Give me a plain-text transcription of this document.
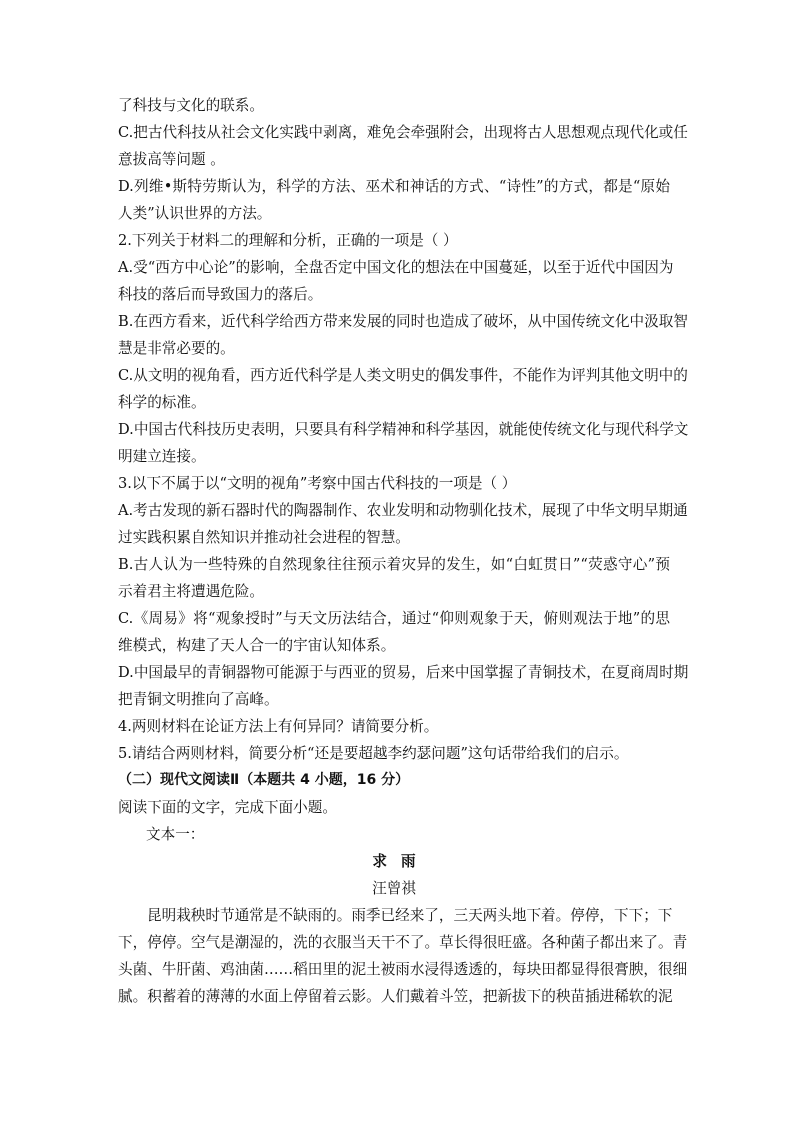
了科技与文化的联系。
C.把古代科技从社会文化实践中剥离，难免会牵强附会，出现将古人思想观点现代化或任
意拔高等问题 。
D.列维•斯特劳斯认为，科学的方法、巫术和神话的方式、“诗性”的方式，都是“原始
人类”认识世界的方法。
2.下列关于材料二的理解和分析，正确的一项是（ ）
A.受“西方中心论”的影响，全盘否定中国文化的想法在中国蔓延，以至于近代中国因为
科技的落后而导致国力的落后。
B.在西方看来，近代科学给西方带来发展的同时也造成了破坏，从中国传统文化中汲取智
慧是非常必要的。
C.从文明的视角看，西方近代科学是人类文明史的偶发事件，不能作为评判其他文明中的
科学的标准。
D.中国古代科技历史表明，只要具有科学精神和科学基因，就能使传统文化与现代科学文
明建立连接。
3.以下不属于以“文明的视角”考察中国古代科技的一项是（ ）
A.考古发现的新石器时代的陶器制作、农业发明和动物驯化技术，展现了中华文明早期通
过实践积累自然知识并推动社会进程的智慧。
B.古人认为一些特殊的自然现象往往预示着灾异的发生，如“白虹贯日”“荧惑守心”预
示着君主将遭遇危险。
C.《周易》将“观象授时”与天文历法结合，通过“仰则观象于天，俯则观法于地”的思
维模式，构建了天人合一的宇宙认知体系。
D.中国最早的青铜器物可能源于与西亚的贸易，后来中国掌握了青铜技术，在夏商周时期
把青铜文明推向了高峰。
4.两则材料在论证方法上有何异同？请简要分析。
5.请结合两则材料，简要分析“还是要超越李约瑟问题”这句话带给我们的启示。
（二）现代文阅读Ⅱ（本题共 4 小题，16 分）
阅读下面的文字，完成下面小题。
文本一：
求雨
汪曾祺
昆明栽秧时节通常是不缺雨的。雨季已经来了，三天两头地下着。停停，下下；下
下，停停。空气是潮湿的，洗的衣服当天干不了。草长得很旺盛。各种菌子都出来了。青
头菌、牛肝菌、鸡油菌……稻田里的泥土被雨水浸得透透的，每块田都显得很膏腴，很细
腻。积蓄着的薄薄的水面上停留着云影。人们戴着斗笠，把新拔下的秧苗插进稀软的泥
